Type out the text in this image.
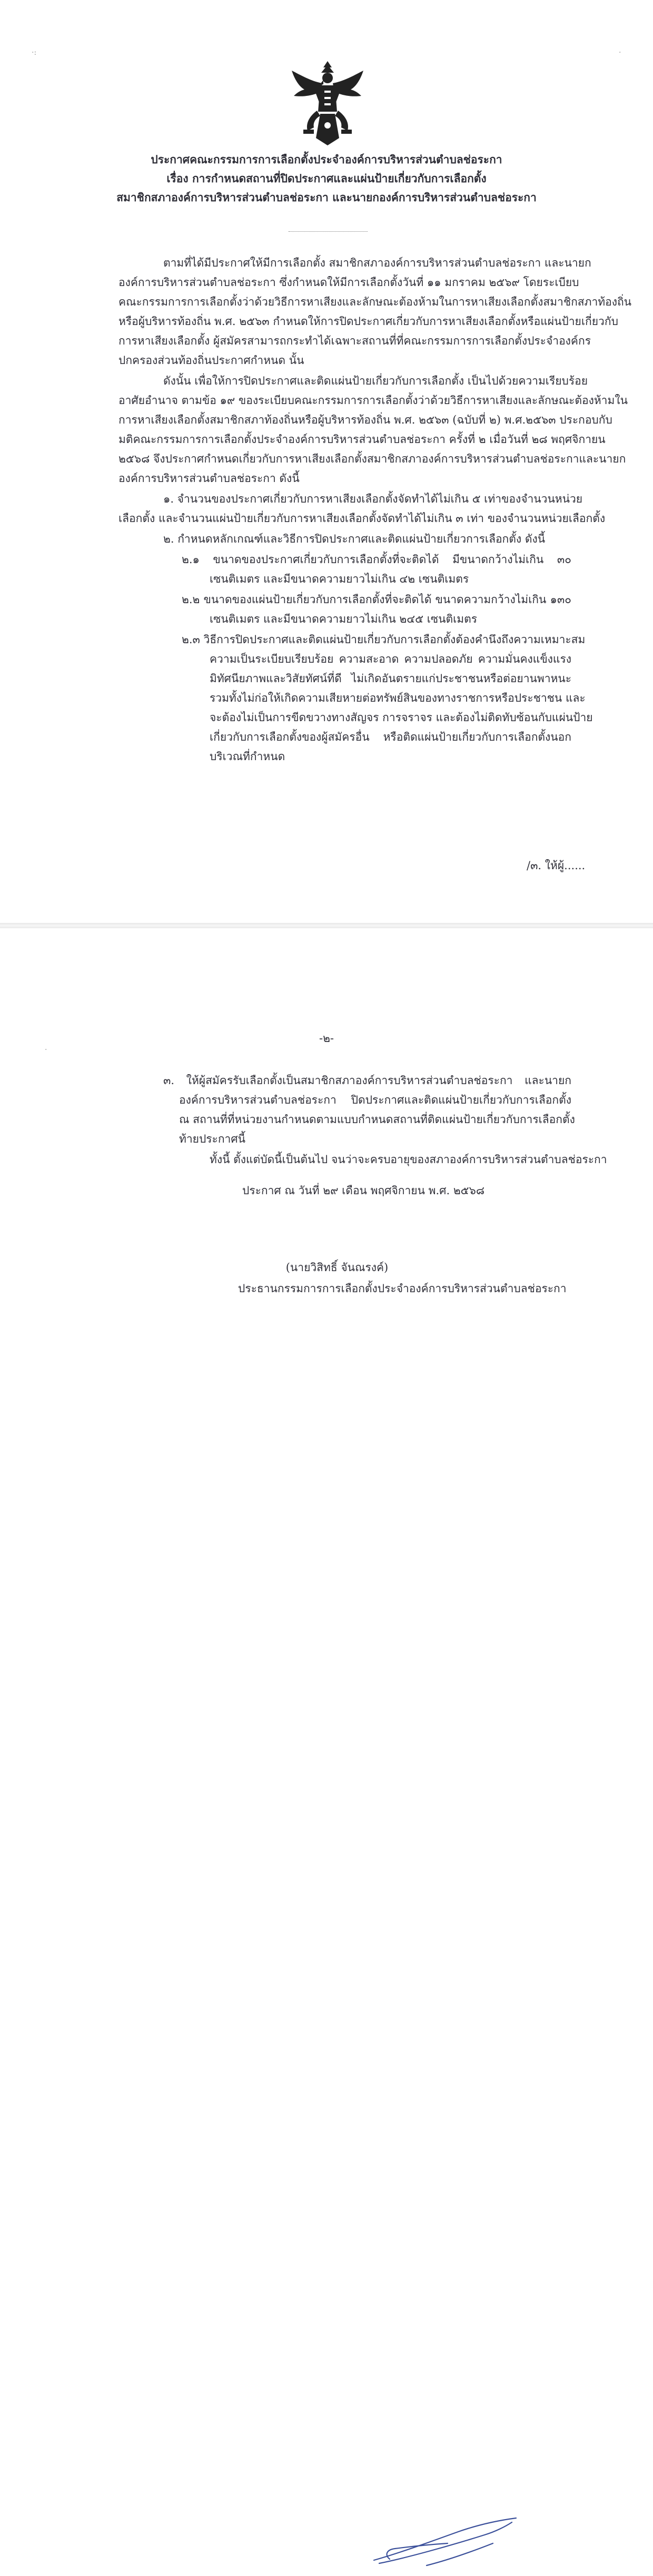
·:	·
ประกาศคณะกรรมการการเลือกตั้งประจำองค์การบริหารส่วนตำบลช่อระกา
เรื่อง การกำหนดสถานที่ปิดประกาศและแผ่นป้ายเกี่ยวกับการเลือกตั้ง
สมาชิกสภาองค์การบริหารส่วนตำบลช่อระกา และนายกองค์การบริหารส่วนตำบลช่อระกา
ตามที่ได้มีประกาศให้มีการเลือกตั้ง สมาชิกสภาองค์การบริหารส่วนตำบลช่อระกา และนายก
องค์การบริหารส่วนตำบลช่อระกา ซึ่งกำหนดให้มีการเลือกตั้งวันที่ ๑๑ มกราคม ๒๕๖๙ โดยระเบียบ
คณะกรรมการการเลือกตั้งว่าด้วยวิธีการหาเสียงและลักษณะต้องห้ามในการหาเสียงเลือกตั้งสมาชิกสภาท้องถิ่น
หรือผู้บริหารท้องถิ่น พ.ศ. ๒๕๖๓ กำหนดให้การปิดประกาศเกี่ยวกับการหาเสียงเลือกตั้งหรือแผ่นป้ายเกี่ยวกับ
การหาเสียงเลือกตั้ง ผู้สมัครสามารถกระทำได้เฉพาะสถานที่ที่คณะกรรมการการเลือกตั้งประจำองค์กร
ปกครองส่วนท้องถิ่นประกาศกำหนด นั้น
ดังนั้น เพื่อให้การปิดประกาศและติดแผ่นป้ายเกี่ยวกับการเลือกตั้ง เป็นไปด้วยความเรียบร้อย
อาศัยอำนาจ ตามข้อ ๑๙ ของระเบียบคณะกรรมการการเลือกตั้งว่าด้วยวิธีการหาเสียงและลักษณะต้องห้ามใน
การหาเสียงเลือกตั้งสมาชิกสภาท้องถิ่นหรือผู้บริหารท้องถิ่น พ.ศ. ๒๕๖๓ (ฉบับที่ ๒) พ.ศ.๒๕๖๓ ประกอบกับ
มติคณะกรรมการการเลือกตั้งประจำองค์การบริหารส่วนตำบลช่อระกา ครั้งที่ ๒ เมื่อวันที่ ๒๘ พฤศจิกายน
๒๕๖๘ จึงประกาศกำหนดเกี่ยวกับการหาเสียงเลือกตั้งสมาชิกสภาองค์การบริหารส่วนตำบลช่อระกาและนายก
องค์การบริหารส่วนตำบลช่อระกา ดังนี้
๑. จำนวนของประกาศเกี่ยวกับการหาเสียงเลือกตั้งจัดทำได้ไม่เกิน ๕ เท่าของจำนวนหน่วย
เลือกตั้ง และจำนวนแผ่นป้ายเกี่ยวกับการหาเสียงเลือกตั้งจัดทำได้ไม่เกิน ๓ เท่า ของจำนวนหน่วยเลือกตั้ง
๒. กำหนดหลักเกณฑ์และวิธีการปิดประกาศและติดแผ่นป้ายเกี่ยวการเลือกตั้ง ดังนี้
๒.๑ ขนาดของประกาศเกี่ยวกับการเลือกตั้งที่จะติดได้ มีขนาดกว้างไม่เกิน ๓๐
เซนติเมตร และมีขนาดความยาวไม่เกิน ๔๒ เซนติเมตร
๒.๒ ขนาดของแผ่นป้ายเกี่ยวกับการเลือกตั้งที่จะติดได้ ขนาดความกว้างไม่เกิน ๑๓๐
เซนติเมตร และมีขนาดความยาวไม่เกิน ๒๔๕ เซนติเมตร
๒.๓ วิธีการปิดประกาศและติดแผ่นป้ายเกี่ยวกับการเลือกตั้งต้องคำนึงถึงความเหมาะสม
ความเป็นระเบียบเรียบร้อย ความสะอาด ความปลอดภัย ความมั่นคงแข็งแรง
มิทัศนียภาพและวิสัยทัศน์ที่ดี ไม่เกิดอันตรายแก่ประชาชนหรือต่อยานพาหนะ
รวมทั้งไม่ก่อให้เกิดความเสียหายต่อทรัพย์สินของทางราชการหรือประชาชน และ
จะต้องไม่เป็นการขีดขวางทางสัญจร การจราจร และต้องไม่ติดทับซ้อนกับแผ่นป้าย
เกี่ยวกับการเลือกตั้งของผู้สมัครอื่น หรือติดแผ่นป้ายเกี่ยวกับการเลือกตั้งนอก
บริเวณที่กำหนด
/๓. ให้ผู้......
·
-๒-
๓. ให้ผู้สมัครรับเลือกตั้งเป็นสมาชิกสภาองค์การบริหารส่วนตำบลช่อระกา และนายก
องค์การบริหารส่วนตำบลช่อระกา ปิดประกาศและติดแผ่นป้ายเกี่ยวกับการเลือกตั้ง
ณ สถานที่ที่หน่วยงานกำหนดตามแบบกำหนดสถานที่ติดแผ่นป้ายเกี่ยวกับการเลือกตั้ง
ท้ายประกาศนี้
ทั้งนี้ ตั้งแต่บัดนี้เป็นต้นไป จนว่าจะครบอายุของสภาองค์การบริหารส่วนตำบลช่อระกา
ประกาศ ณ วันที่ ๒๙ เดือน พฤศจิกายน พ.ศ. ๒๕๖๘
(นายวิสิทธิ์ จันณรงค์)
ประธานกรรมการการเลือกตั้งประจำองค์การบริหารส่วนตำบลช่อระกา
